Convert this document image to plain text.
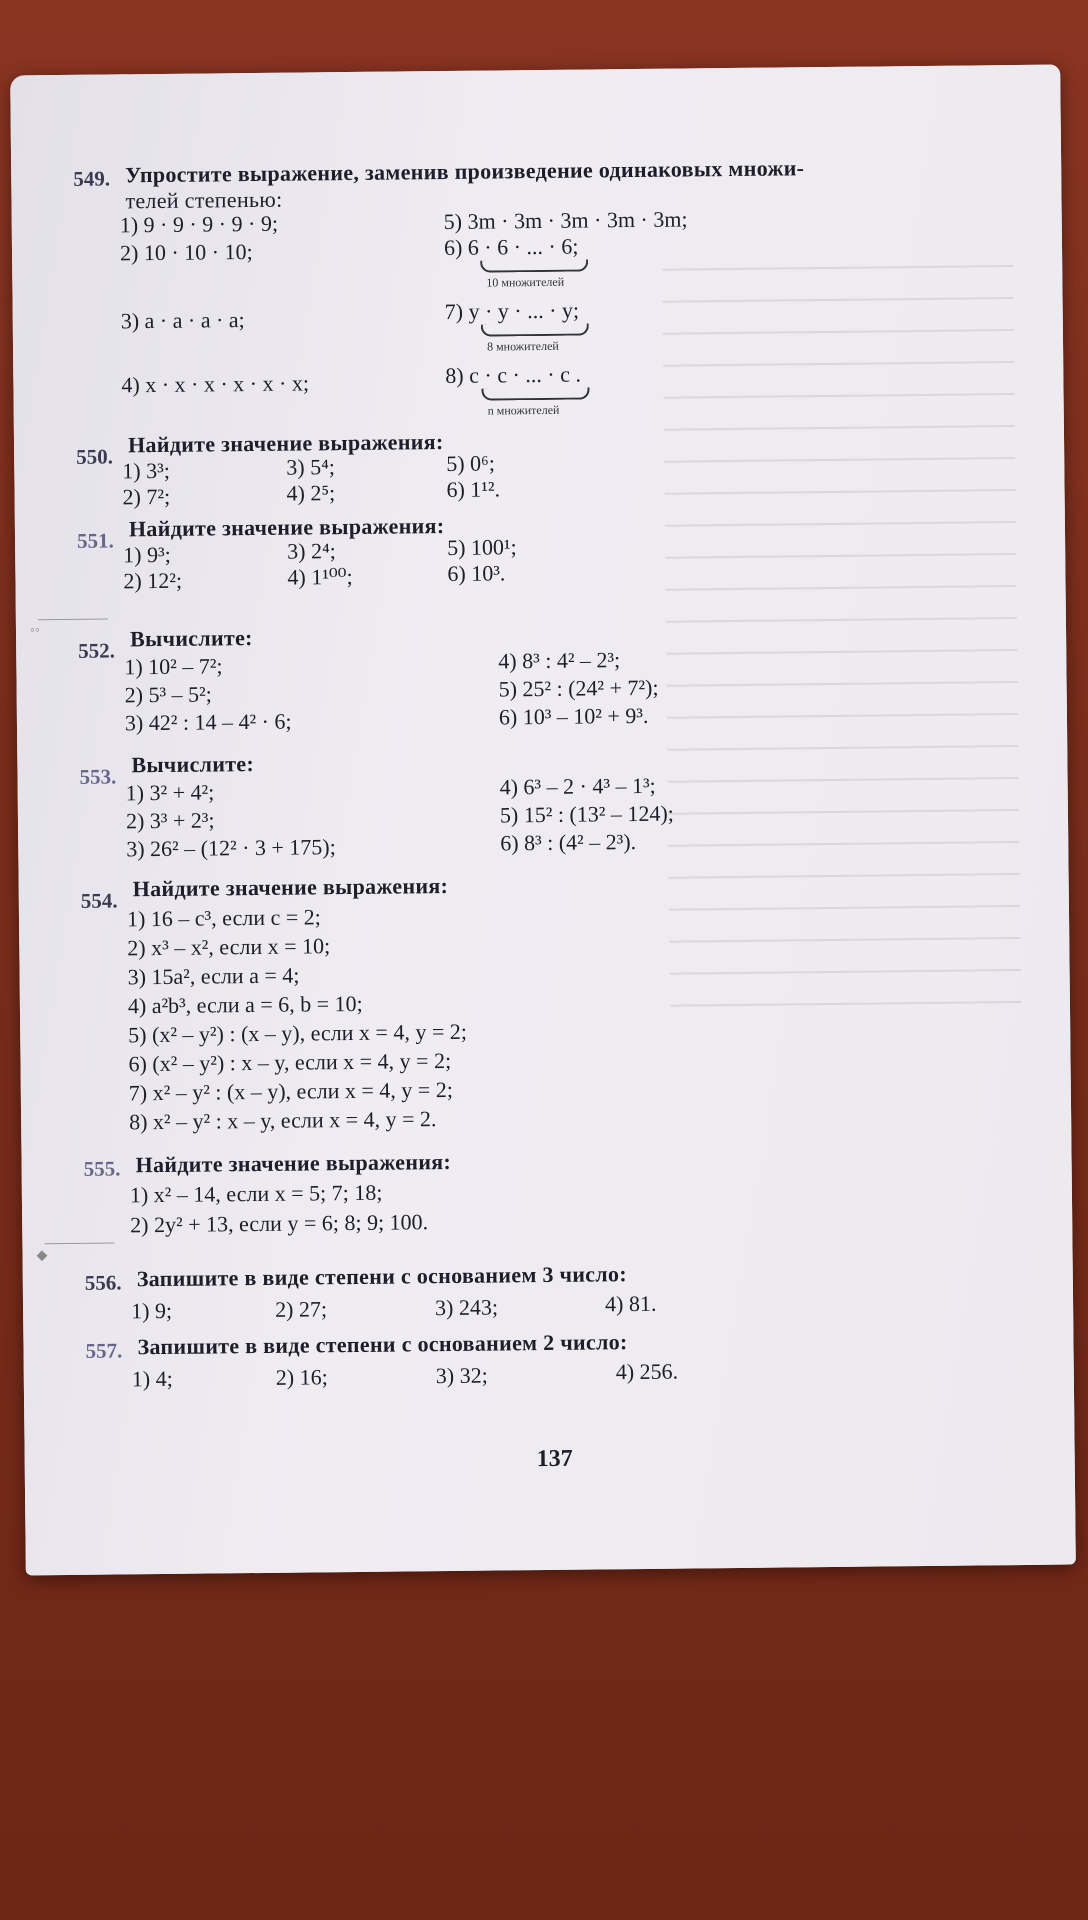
549. Упростите выражение, заменив произведение одинаковых множи-
телей степенью:
1) 9 · 9 · 9 · 9 · 9;
2) 10 · 10 · 10;
3) a · a · a · a;
4) x · x · x · x · x · x;
5) 3m · 3m · 3m · 3m · 3m;
6) 6 · 6 · ... · 6;
10 множителей
7) y · y · ... · y;
8 множителей
8) c · c · ... · c .
n множителей
550. Найдите значение выражения:
1) 3³;
2) 7²;
3) 5⁴;
4) 2⁵;
5) 0⁶;
6) 1¹².
551. Найдите значение выражения:
1) 9³;
2) 12²;
3) 2⁴;
4) 1¹⁰⁰;
5) 100¹;
6) 10³.
◦◦
552. Вычислите:
1) 10² – 7²;
2) 5³ – 5²;
3) 42² : 14 – 4² · 6;
4) 8³ : 4² – 2³;
5) 25² : (24² + 7²);
6) 10³ – 10² + 9³.
553. Вычислите:
1) 3² + 4²;
2) 3³ + 2³;
3) 26² – (12² · 3 + 175);
4) 6³ – 2 · 4³ – 1³;
5) 15² : (13² – 124);
6) 8³ : (4² – 2³).
554. Найдите значение выражения:
1) 16 – c³, если c = 2;
2) x³ – x², если x = 10;
3) 15a², если a = 4;
4) a²b³, если a = 6, b = 10;
5) (x² – y²) : (x – y), если x = 4, y = 2;
6) (x² – y²) : x – y, если x = 4, y = 2;
7) x² – y² : (x – y), если x = 4, y = 2;
8) x² – y² : x – y, если x = 4, y = 2.
555. Найдите значение выражения:
1) x² – 14, если x = 5; 7; 18;
2) 2y² + 13, если y = 6; 8; 9; 100.
◆
556. Запишите в виде степени с основанием 3 число:
1) 9;	2) 27;	3) 243;	4) 81.
557. Запишите в виде степени с основанием 2 число:
1) 4;	2) 16;	3) 32;	4) 256.
137
